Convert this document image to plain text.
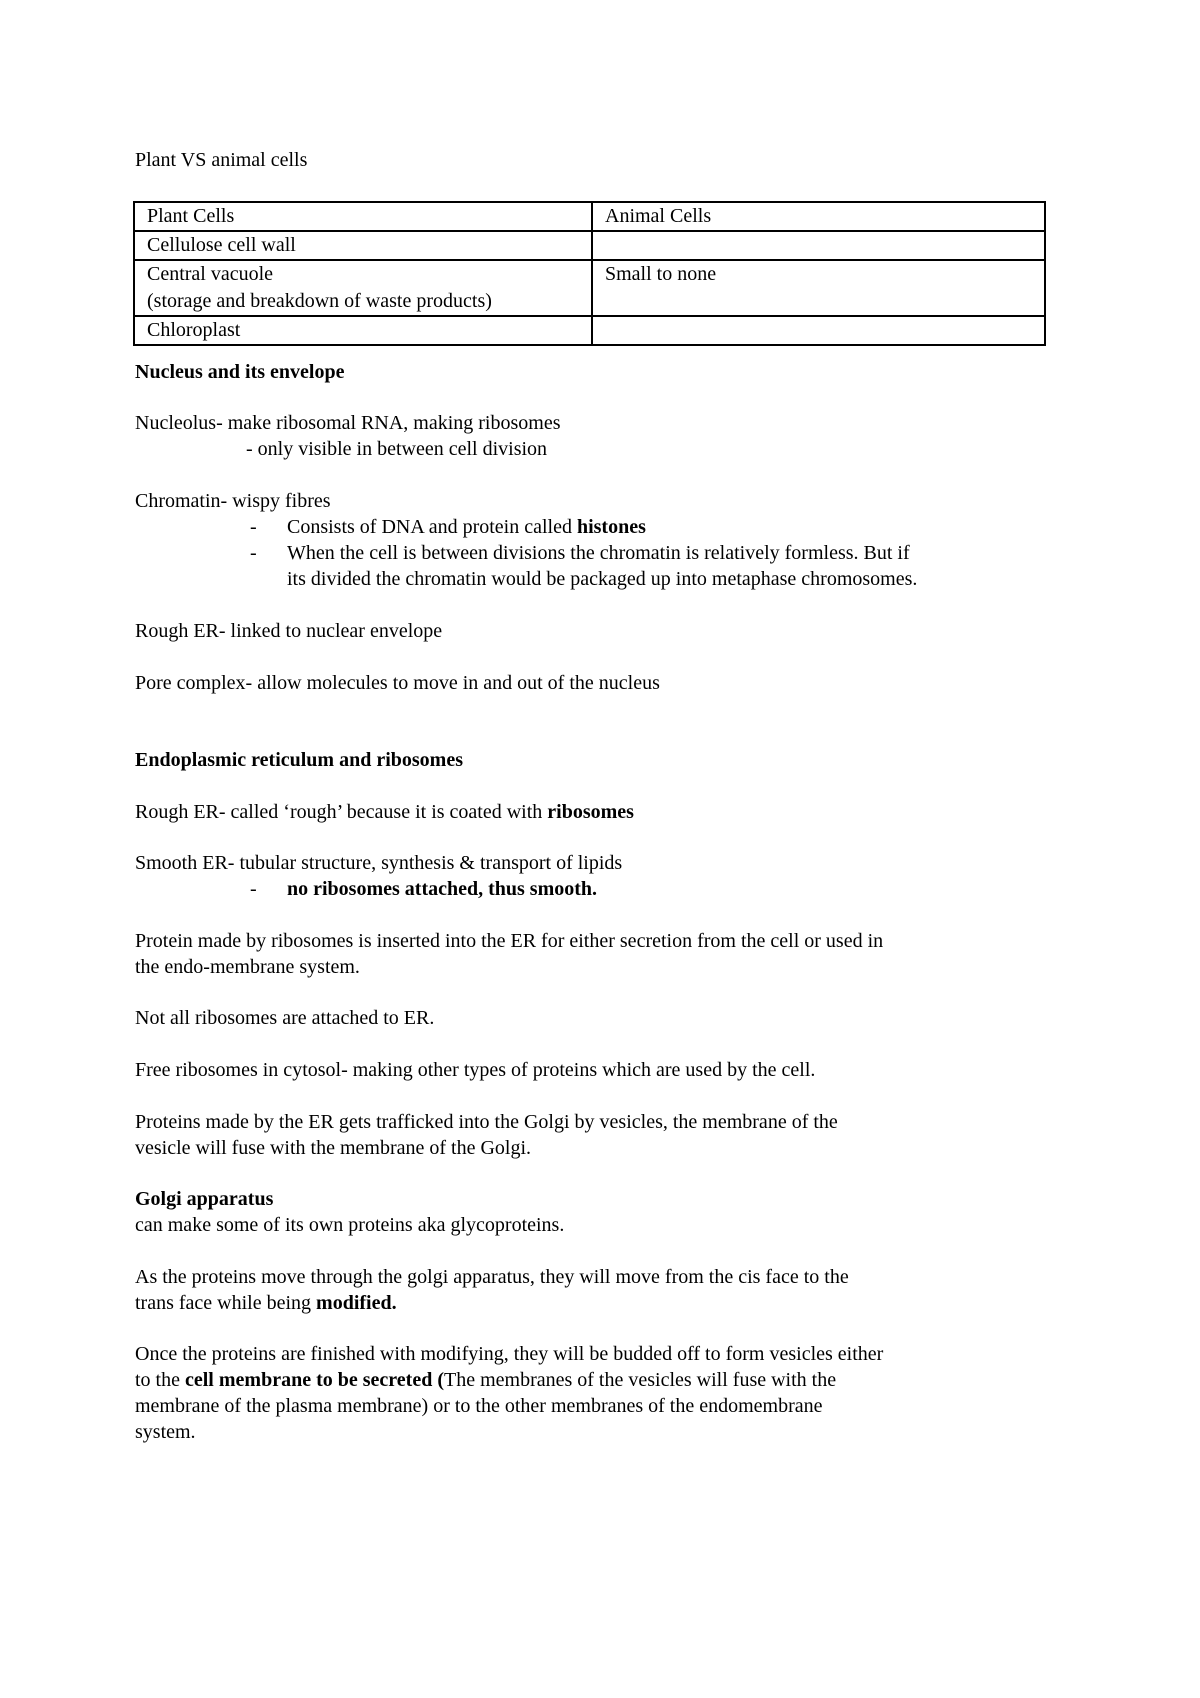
Plant VS animal cells

Plant Cells	Animal Cells
Cellulose cell wall	

Central vacuole
(storage and breakdown of waste products)	Small to none
Chloroplast	

Nucleus and its envelope

Nucleolus- make ribosomal RNA, making ribosomes

- only visible in between cell division

Chromatin- wispy fibres

- Consists of DNA and protein called histones

- When the cell is between divisions the chromatin is relatively formless. But if

its divided the chromatin would be packaged up into metaphase chromosomes.

Rough ER- linked to nuclear envelope

Pore complex- allow molecules to move in and out of the nucleus

Endoplasmic reticulum and ribosomes

Rough ER- called ‘rough’ because it is coated with ribosomes

Smooth ER- tubular structure, synthesis & transport of lipids

- no ribosomes attached, thus smooth.

Protein made by ribosomes is inserted into the ER for either secretion from the cell or used in

the endo-membrane system.

Not all ribosomes are attached to ER.

Free ribosomes in cytosol- making other types of proteins which are used by the cell.

Proteins made by the ER gets trafficked into the Golgi by vesicles, the membrane of the

vesicle will fuse with the membrane of the Golgi.

Golgi apparatus

can make some of its own proteins aka glycoproteins.

As the proteins move through the golgi apparatus, they will move from the cis face to the

trans face while being modified.

Once the proteins are finished with modifying, they will be budded off to form vesicles either

to the cell membrane to be secreted (The membranes of the vesicles will fuse with the

membrane of the plasma membrane) or to the other membranes of the endomembrane

system.
